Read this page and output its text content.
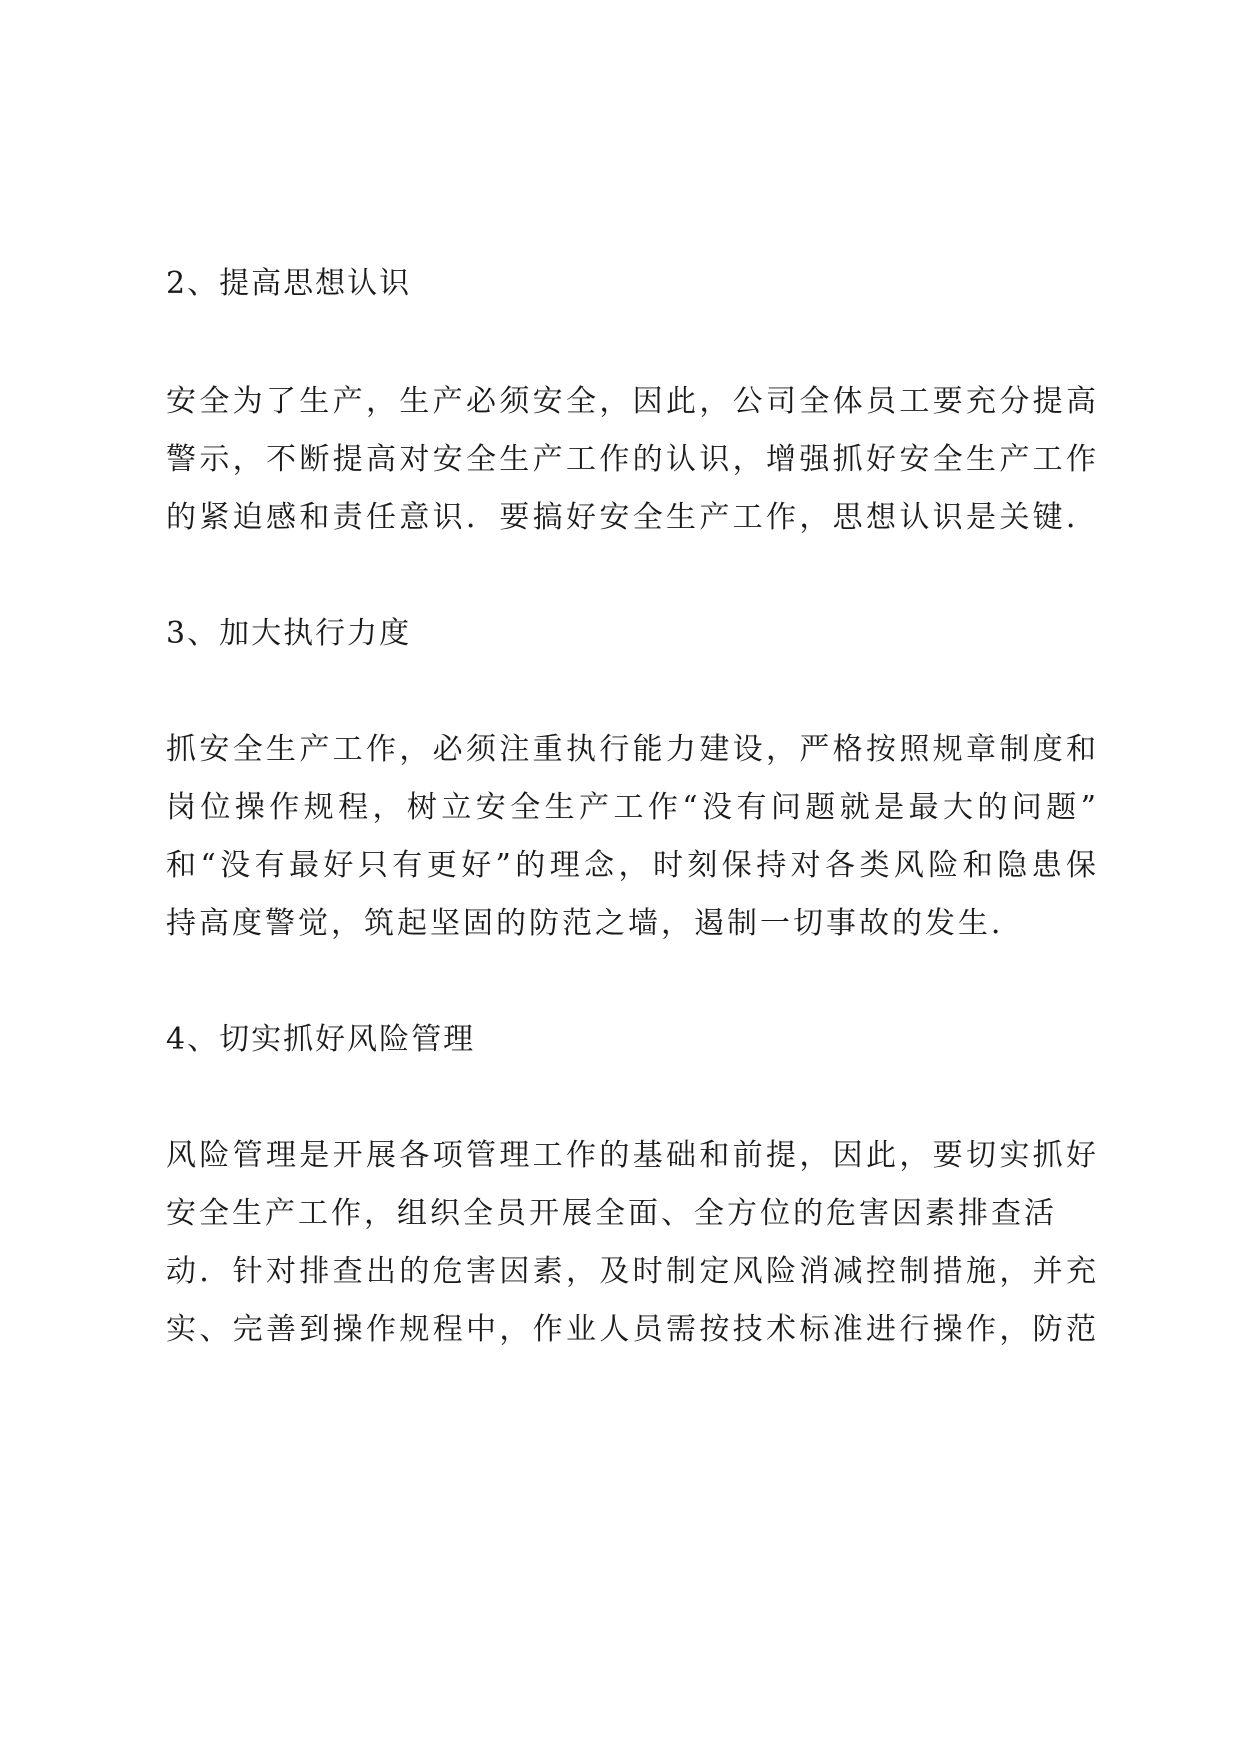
2、提高思想认识
安全为了生产，生产必须安全，因此，公司全体员工要充分提高
警示，不断提高对安全生产工作的认识，增强抓好安全生产工作
的紧迫感和责任意识．要搞好安全生产工作，思想认识是关键．
3、加大执行力度
抓安全生产工作，必须注重执行能力建设，严格按照规章制度和
岗位操作规程，树立安全生产工作“没有问题就是最大的问题”
和“没有最好只有更好”的理念，时刻保持对各类风险和隐患保
持高度警觉，筑起坚固的防范之墙，遏制一切事故的发生．
4、切实抓好风险管理
风险管理是开展各项管理工作的基础和前提，因此，要切实抓好
安全生产工作，组织全员开展全面、全方位的危害因素排查活
动．针对排查出的危害因素，及时制定风险消减控制措施，并充
实、完善到操作规程中，作业人员需按技术标准进行操作，防范
